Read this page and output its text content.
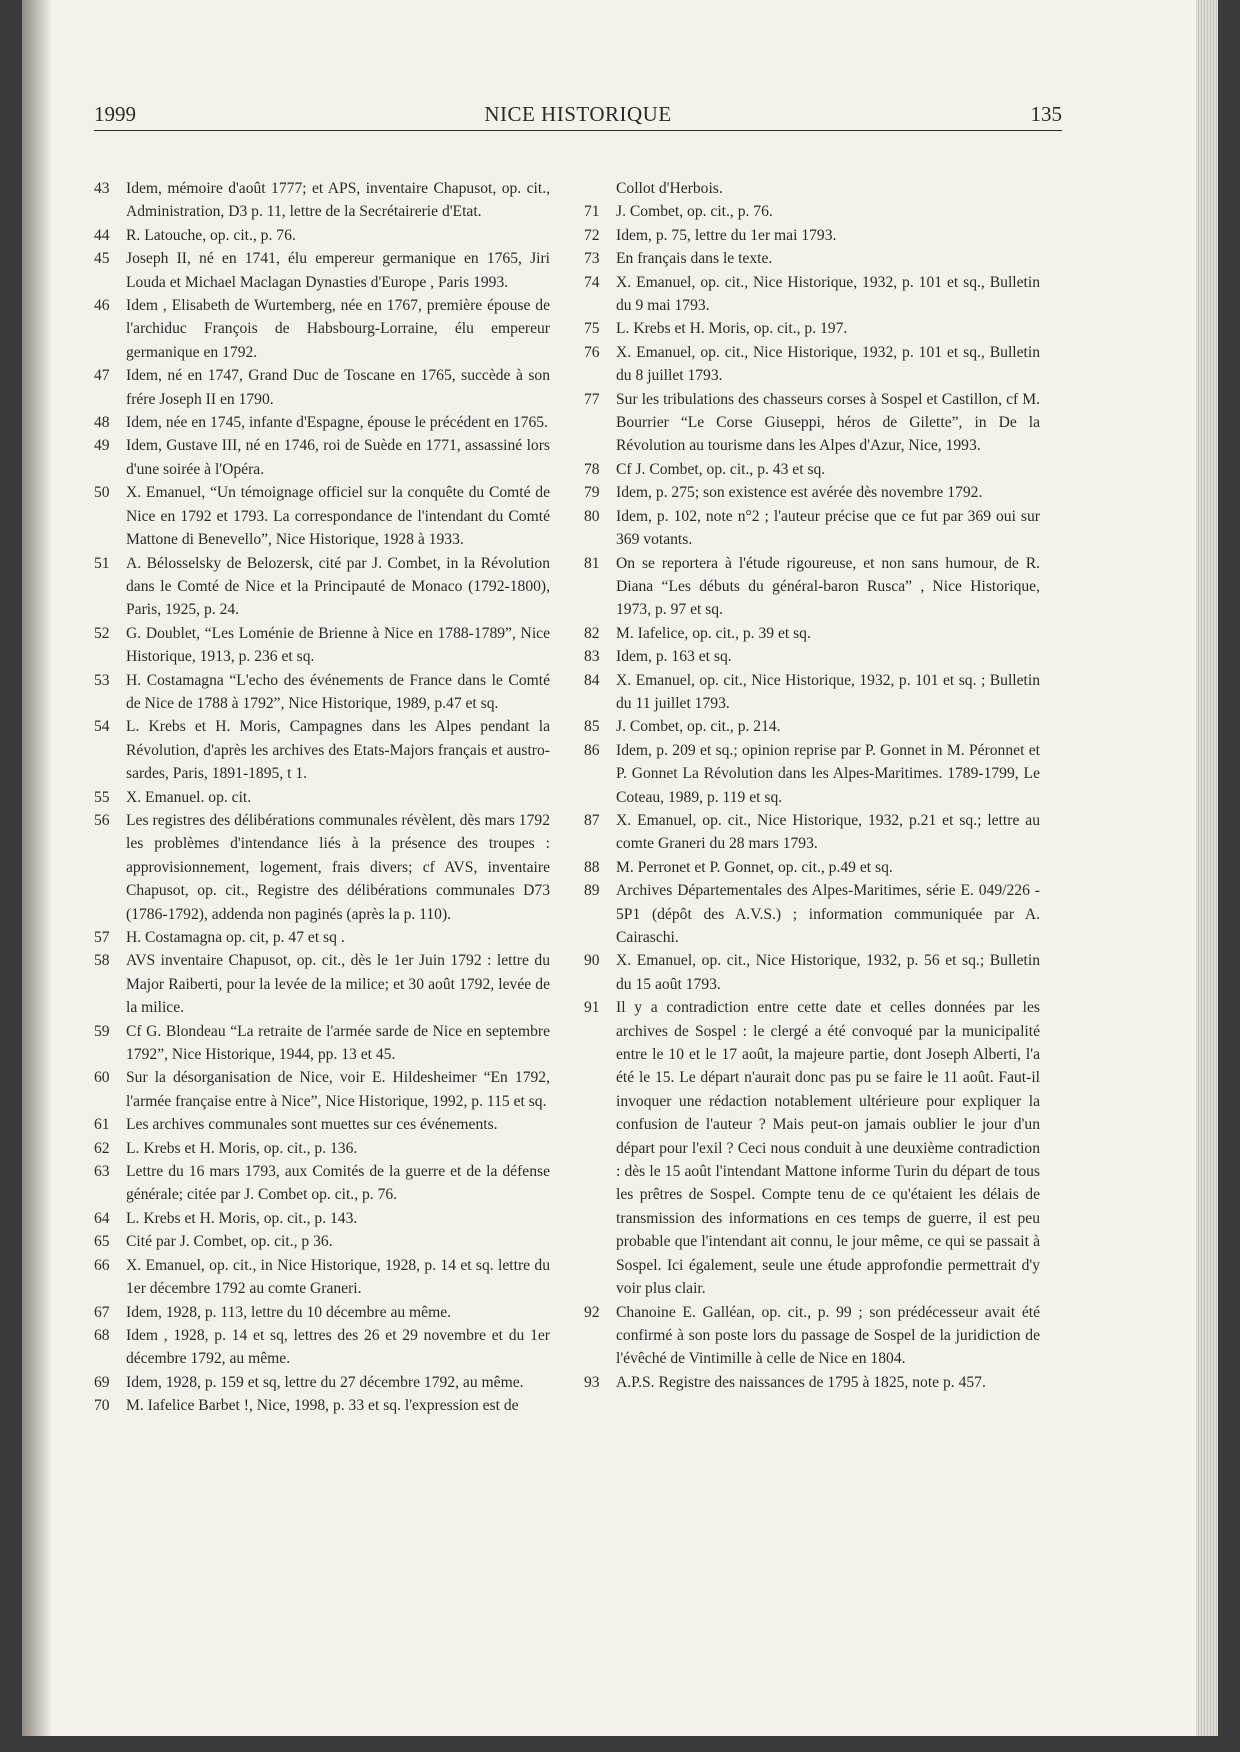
1999	NICE HISTORIQUE	135

43	Idem, mémoire d'août 1777; et APS, inventaire Chapusot, op. cit., Administration, D3 p. 11, lettre de la Secrétairerie d'Etat.

44	R. Latouche, op. cit., p. 76.

45	Joseph II, né en 1741, élu empereur germanique en 1765, Jiri Louda et Michael Maclagan Dynasties d'Europe , Paris 1993.

46	Idem , Elisabeth de Wurtemberg, née en 1767, première épouse de l'archiduc François de Habsbourg-Lorraine, élu empereur germanique en 1792.

47	Idem, né en 1747, Grand Duc de Toscane en 1765, succède à son frére Joseph II en 1790.

48	Idem, née en 1745, infante d'Espagne, épouse le précédent en 1765.

49	Idem, Gustave III, né en 1746, roi de Suède en 1771, assassiné lors d'une soirée à l'Opéra.

50	X. Emanuel, “Un témoignage officiel sur la conquête du Comté de Nice en 1792 et 1793. La correspondance de l'intendant du Comté Mattone di Benevello”, Nice Historique, 1928 à 1933.

51	A. Bélosselsky de Belozersk, cité par J. Combet, in la Révolution dans le Comté de Nice et la Principauté de Monaco (1792-1800), Paris, 1925, p. 24.

52	G. Doublet, “Les Loménie de Brienne à Nice en 1788-1789”, Nice Historique, 1913, p. 236 et sq.

53	H. Costamagna “L'echo des événements de France dans le Comté de Nice de 1788 à 1792”, Nice Historique, 1989, p.47 et sq.

54	L. Krebs et H. Moris, Campagnes dans les Alpes pendant la Révolution, d'après les archives des Etats-Majors français et austro-sardes, Paris, 1891-1895, t 1.

55	X. Emanuel. op. cit.

56	Les registres des délibérations communales révèlent, dès mars 1792 les problèmes d'intendance liés à la présence des troupes : approvisionnement, logement, frais divers; cf AVS, inventaire Chapusot, op. cit., Registre des délibérations communales D73 (1786-1792), addenda non paginés (après la p. 110).

57	H. Costamagna op. cit, p. 47 et sq .

58	AVS inventaire Chapusot, op. cit., dès le 1er Juin 1792 : lettre du Major Raiberti, pour la levée de la milice; et 30 août 1792, levée de la milice.

59	Cf G. Blondeau “La retraite de l'armée sarde de Nice en septembre 1792”, Nice Historique, 1944, pp. 13 et 45.

60	Sur la désorganisation de Nice, voir E. Hildesheimer “En 1792, l'armée française entre à Nice”, Nice Historique, 1992, p. 115 et sq.

61	Les archives communales sont muettes sur ces événements.

62	L. Krebs et H. Moris, op. cit., p. 136.

63	Lettre du 16 mars 1793, aux Comités de la guerre et de la défense générale; citée par J. Combet op. cit., p. 76.

64	L. Krebs et H. Moris, op. cit., p. 143.

65	Cité par J. Combet, op. cit., p 36.

66	X. Emanuel, op. cit., in Nice Historique, 1928, p. 14 et sq. lettre du 1er décembre 1792 au comte Graneri.

67	Idem, 1928, p. 113, lettre du 10 décembre au même.

68	Idem , 1928, p. 14 et sq, lettres des 26 et 29 novembre et du 1er décembre 1792, au même.

69	Idem, 1928, p. 159 et sq, lettre du 27 décembre 1792, au même.

70	M. Iafelice Barbet !, Nice, 1998, p. 33 et sq. l'expression est de

Collot d'Herbois.

71	J. Combet, op. cit., p. 76.

72	Idem, p. 75, lettre du 1er mai 1793.

73	En français dans le texte.

74	X. Emanuel, op. cit., Nice Historique, 1932, p. 101 et sq., Bulletin du 9 mai 1793.

75	L. Krebs et H. Moris, op. cit., p. 197.

76	X. Emanuel, op. cit., Nice Historique, 1932, p. 101 et sq., Bulletin du 8 juillet 1793.

77	Sur les tribulations des chasseurs corses à Sospel et Castillon, cf M. Bourrier “Le Corse Giuseppi, héros de Gilette”, in De la Révolution au tourisme dans les Alpes d'Azur, Nice, 1993.

78	Cf J. Combet, op. cit., p. 43 et sq.

79	Idem, p. 275; son existence est avérée dès novembre 1792.

80	Idem, p. 102, note n°2 ; l'auteur précise que ce fut par 369 oui sur 369 votants.

81	On se reportera à l'étude rigoureuse, et non sans humour, de R. Diana “Les débuts du général-baron Rusca” , Nice Historique, 1973, p. 97 et sq.

82	M. Iafelice, op. cit., p. 39 et sq.

83	Idem, p. 163 et sq.

84	X. Emanuel, op. cit., Nice Historique, 1932, p. 101 et sq. ; Bulletin du 11 juillet 1793.

85	J. Combet, op. cit., p. 214.

86	Idem, p. 209 et sq.; opinion reprise par P. Gonnet in M. Péronnet et P. Gonnet La Révolution dans les Alpes-Maritimes. 1789-1799, Le Coteau, 1989, p. 119 et sq.

87	X. Emanuel, op. cit., Nice Historique, 1932, p.21 et sq.; lettre au comte Graneri du 28 mars 1793.

88	M. Perronet et P. Gonnet, op. cit., p.49 et sq.

89	Archives Départementales des Alpes-Maritimes, série E. 049/226 - 5P1 (dépôt des A.V.S.) ; information communiquée par A. Cairaschi.

90	X. Emanuel, op. cit., Nice Historique, 1932, p. 56 et sq.; Bulletin du 15 août 1793.

91	Il y a contradiction entre cette date et celles données par les archives de Sospel : le clergé a été convoqué par la municipalité entre le 10 et le 17 août, la majeure partie, dont Joseph Alberti, l'a été le 15. Le départ n'aurait donc pas pu se faire le 11 août. Faut-il invoquer une rédaction notablement ultérieure pour expliquer la confusion de l'auteur ? Mais peut-on jamais oublier le jour d'un départ pour l'exil ? Ceci nous conduit à une deuxième contradiction : dès le 15 août l'intendant Mattone informe Turin du départ de tous les prêtres de Sospel. Compte tenu de ce qu'étaient les délais de transmission des informations en ces temps de guerre, il est peu probable que l'intendant ait connu, le jour même, ce qui se passait à Sospel. Ici également, seule une étude approfondie permettrait d'y voir plus clair.

92	Chanoine E. Galléan, op. cit., p. 99 ; son prédécesseur avait été confirmé à son poste lors du passage de Sospel de la juridiction de l'évêché de Vintimille à celle de Nice en 1804.

93	A.P.S. Registre des naissances de 1795 à 1825, note p. 457.
